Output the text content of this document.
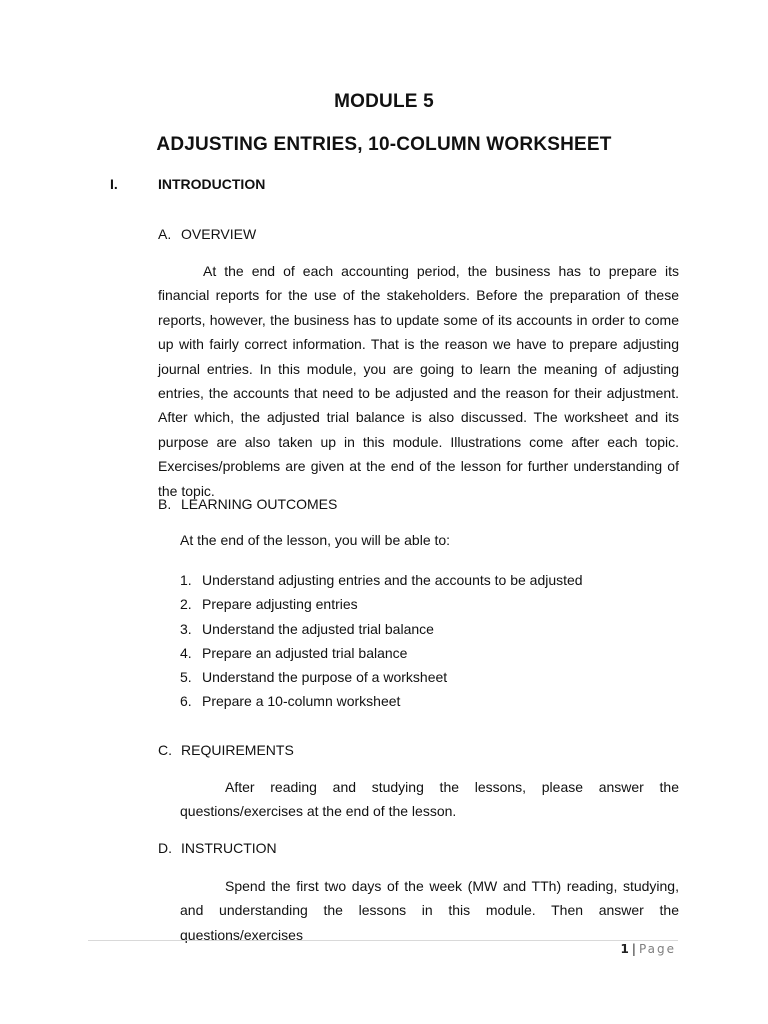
MODULE 5
ADJUSTING ENTRIES, 10-COLUMN WORKSHEET
I.	INTRODUCTION
A. OVERVIEW

At the end of each accounting period, the business has to prepare its financial reports for the use of the stakeholders. Before the preparation of these reports, however, the business has to update some of its accounts in order to come up with fairly correct information. That is the reason we have to prepare adjusting journal entries. In this module, you are going to learn the meaning of adjusting entries, the accounts that need to be adjusted and the reason for their adjustment. After which, the adjusted trial balance is also discussed. The worksheet and its purpose are also taken up in this module. Illustrations come after each topic. Exercises/problems are given at the end of the lesson for further understanding of the topic.

B. LEARNING OUTCOMES
At the end of the lesson, you will be able to:
1. Understand adjusting entries and the accounts to be adjusted
2. Prepare adjusting entries
3. Understand the adjusted trial balance
4. Prepare an adjusted trial balance
5. Understand the purpose of a worksheet
6. Prepare a 10-column worksheet
C. REQUIREMENTS

After reading and studying the lessons, please answer the questions/exercises at the end of the lesson.

D. INSTRUCTION

Spend the first two days of the week (MW and TTh) reading, studying, and understanding the lessons in this module. Then answer the questions/exercises

1 | Page
